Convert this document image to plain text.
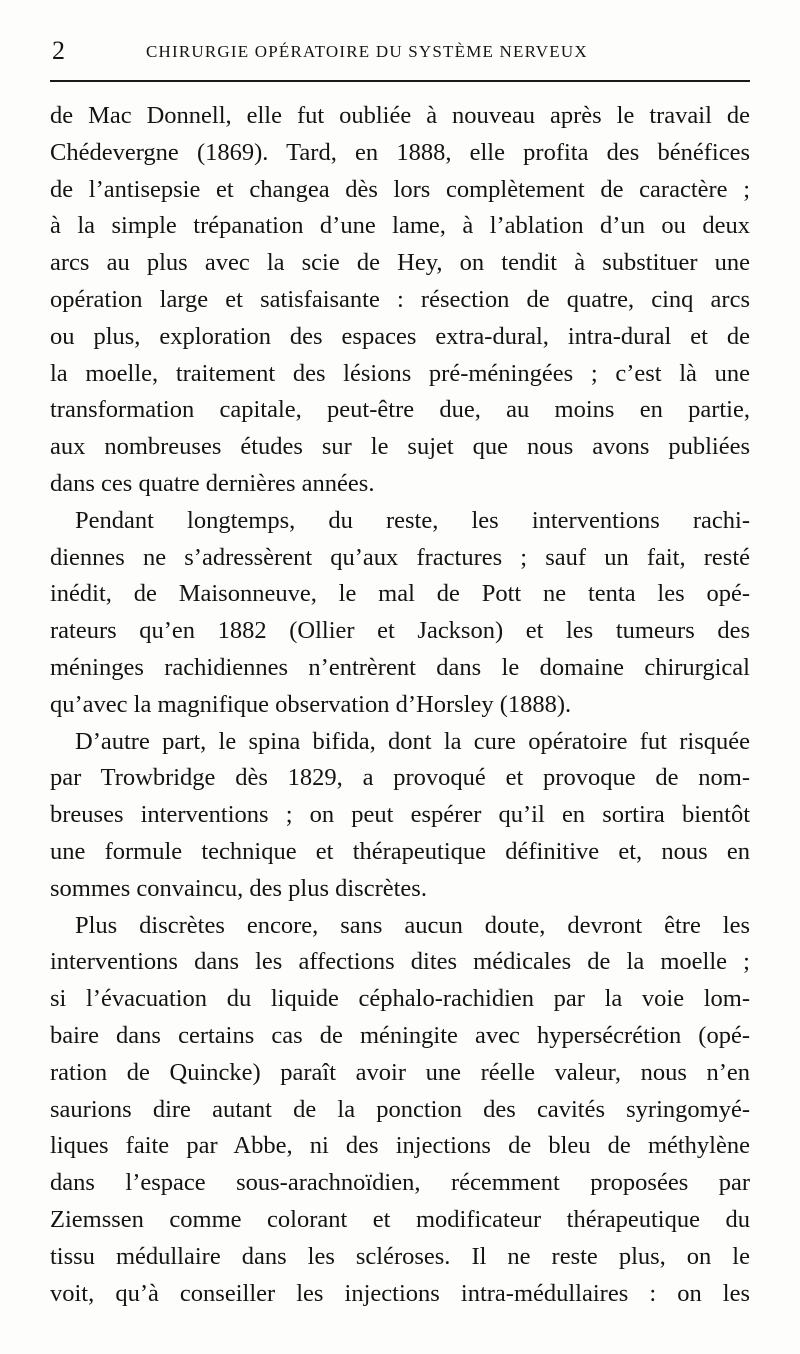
2	CHIRURGIE OPÉRATOIRE DU SYSTÈME NERVEUX
de Mac Donnell, elle fut oubliée à nouveau après le travail de
Chédevergne (1869). Tard, en 1888, elle profita des bénéfices
de l’antisepsie et changea dès lors complètement de caractère ;
à la simple trépanation d’une lame, à l’ablation d’un ou deux
arcs au plus avec la scie de Hey, on tendit à substituer une
opération large et satisfaisante : résection de quatre, cinq arcs
ou plus, exploration des espaces extra-dural, intra-dural et de
la moelle, traitement des lésions pré-méningées ; c’est là une
transformation capitale, peut-être due, au moins en partie,
aux nombreuses études sur le sujet que nous avons publiées
dans ces quatre dernières années.
Pendant longtemps, du reste, les interventions rachi-
diennes ne s’adressèrent qu’aux fractures ; sauf un fait, resté
inédit, de Maisonneuve, le mal de Pott ne tenta les opé-
rateurs qu’en 1882 (Ollier et Jackson) et les tumeurs des
méninges rachidiennes n’entrèrent dans le domaine chirurgical
qu’avec la magnifique observation d’Horsley (1888).
D’autre part, le spina bifida, dont la cure opératoire fut risquée
par Trowbridge dès 1829, a provoqué et provoque de nom-
breuses interventions ; on peut espérer qu’il en sortira bientôt
une formule technique et thérapeutique définitive et, nous en
sommes convaincu, des plus discrètes.
Plus discrètes encore, sans aucun doute, devront être les
interventions dans les affections dites médicales de la moelle ;
si l’évacuation du liquide céphalo-rachidien par la voie lom-
baire dans certains cas de méningite avec hypersécrétion (opé-
ration de Quincke) paraît avoir une réelle valeur, nous n’en
saurions dire autant de la ponction des cavités syringomyé-
liques faite par Abbe, ni des injections de bleu de méthylène
dans l’espace sous-arachnoïdien, récemment proposées par
Ziemssen comme colorant et modificateur thérapeutique du
tissu médullaire dans les scléroses. Il ne reste plus, on le
voit, qu’à conseiller les injections intra-médullaires : on les
